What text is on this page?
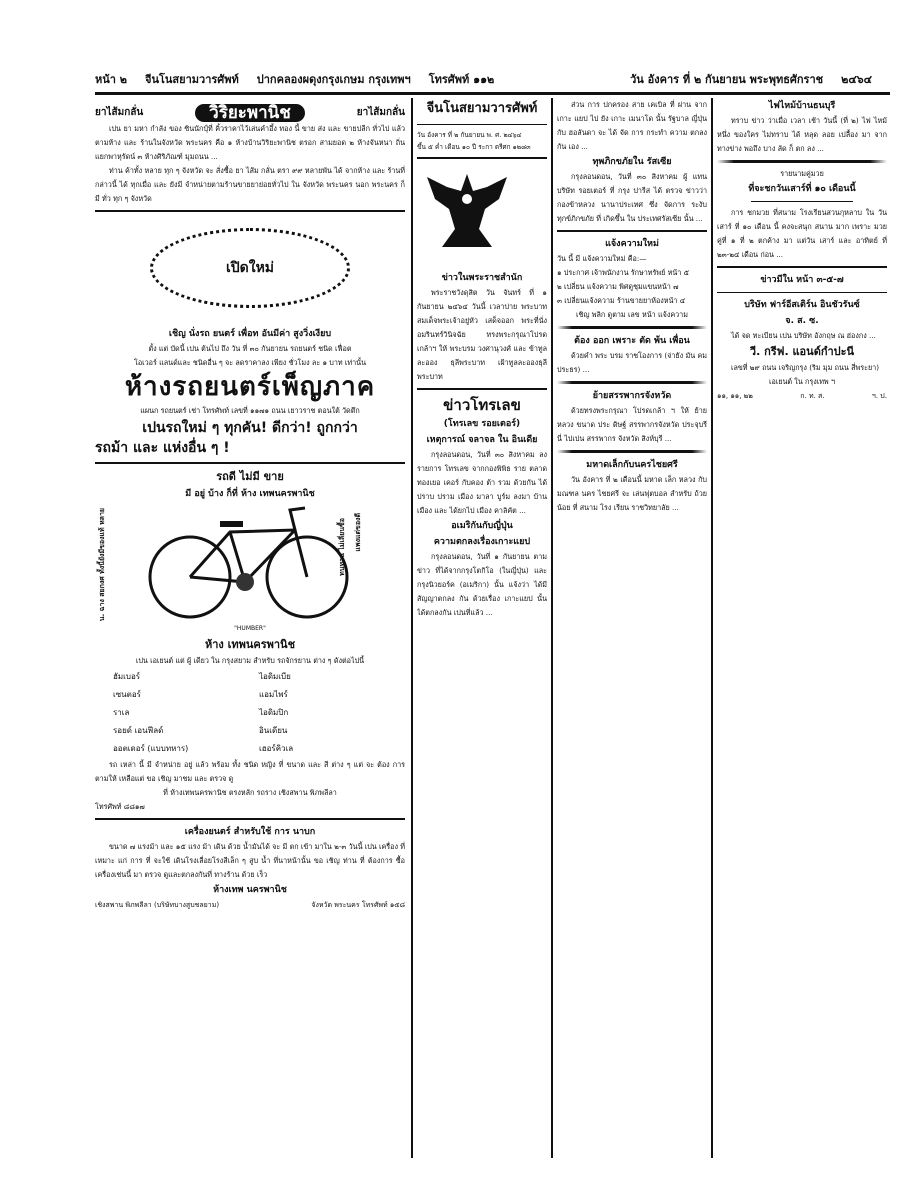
หน้า ๒ จีนโนสยามวารศัพท์ ปากคลองผดุงกรุงเกษม กรุงเทพฯ โทรศัพท์ ๑๑๒	วัน อังคาร ที่ ๒ กันยายน พระพุทธศักราช ๒๔๖๔
ยาไส้มกลั่น	วิริยะพานิช	ยาไส้มกลั่น

เปน ยา มหา กำลัง ของ ซินนักปุ์ที่ คิ้วราคาไว้เล่นคำอึ้ง ทอง นี้ ขาย ส่ง และ ขายปลีก ทั่วไป แล้ว ตามห้าง และ ร้านในจังหวัด พระนคร คือ ๑ ห้างบ้านวิริยะพานิช ตรอก สามยอด ๒ ห้างจันหนา ถิ่นแยกพาหุรัดน์ ๓ ห้างศิริภัณฑ์ มุมถนน ...

ท่าน ค้าทั้ง หลาย ทุก ๆ จังหวัด จะ สั่งซื้อ ยา ไส้ม กลั่น ตรา ๙๙ หลายพัน ได้ จากห้าง และ ร้านที่ กล่าวนี้ ได้ ทุกเมื่อ และ ยังมี จำหน่ายตามร้านขายยาย่อยทั่วไป ใน จังหวัด พระนคร นอก พระนคร ก็ มี ทั่ว ทุก ๆ จังหวัด

เปิดใหม่
เชิญ นั่งรถ ยนตร์ เพื่อท อันมีค่า สูงวิ่งเงียบ
ตั้ง แต่ บัดนี้ เปน ต้นไป ถึง วัน ที่ ๓๐ กันยายน รถยนตร์ ชนิด เฟื่อต
โอเวอร์ แลนด์และ ชนิดอื่น ๆ จะ ลดราคาลง เพียง ชั่วโมง ละ ๑ บาท เท่านั้น
ห้างรถยนตร์เพ็ญภาค
แผนก รถยนตร์ เช่า โทรศัพท์ เลขที่ ๑๑๗๑ ถนน เยาวราช ตอนใต้ วัดตึก
เปนรถใหม่ ๆ ทุกคัน! ดีกว่า! ถูกกว่า
รถม้า และ แห่งอื่น ๆ !
รถดี ไม่มี ขาย
มี อยู่ บ้าง ก็ที่ ห้าง เทพนครพานิช
น. ฉาง สยกงศ ทั้งนี้ยังมีของแท้ หลาย	ทนทาน ไม่เลี่ยนซื้อ	แพงแต่ของดี
"HUMBER"
ห้าง เทพนครพานิช
เปน เอเยนต์ แต่ ผู้ เดียว ใน กรุงสยาม สำหรับ รถจักรยาน ต่าง ๆ ดังต่อไปนี้
ฮัมเบอร์	ไอดิมเบีย
เซนตอร์	แอมไพร์
ราเล	ไอดิมปิก
รอยด์ เอนฟีลด์	อินเดียน
ออตเดอร์ (แบบทหาร)	เฮอร์คิวเล

รถ เหล่า นี้ มี จำหน่าย อยู่ แล้ว พร้อม ทั้ง ชนิด หญิง ที่ ขนาด และ สี ต่าง ๆ แต่ จะ ต้อง การ ตามให้ เหลือแต่ ขอ เชิญ มาชม และ ตรวจ ดู

ที่ ห้างเทพนครพานิช ตรงหลัก รถราง เชิงสพาน พิภพลีลา
โทรศัพท์ ๘๘๑๗
เครื่องยนตร์ สำหรับใช้ การ นาบก

ขนาด ๗ แรงม้า และ ๑๕ แรง ม้า เดิน ด้วย น้ำมันได้ จะ มี ตก เข้า มาใน ๒-๓ วันนี้ เปน เครื่อง ที่ เหมาะ แก่ การ ที่ จะใช้ เดินโรงเลื่อยโรงสีเล็ก ๆ สูบ น้ำ ที่นาหน้านั้น ขอ เชิญ ท่าน ที่ ต้องการ ซื้อเครื่องเช่นนี้ มา ตรวจ ดูและตกลงกันที่ ทางร้าน ด้วย เร็ว

ห้างเทพ นครพานิช
เชิงสพาน พิภพลีลา (บริษัทบางสูบชลยาม)	จังหวัด พระนคร โทรศัพท์ ๑๕๘
จีนโนสยามวารศัพท์
วัน อังคาร ที่ ๒ กันยายน พ. ศ. ๒๔๖๔
ขึ้น ๕ ค่ำ เดือน ๑๐ ปี ระกา ตรีศก ๑๒๘๓
ข่าวในพระราชสำนัก

พระราชวังดุสิต วัน จันทร์ ที่ ๑ กันยายน ๒๔๖๔ วันนี้ เวลาบ่าย พระบาทสมเด็จพระเจ้าอยู่หัว เสด็จออก พระที่นั่ง อมรินทร์วินิจฉัย ทรงพระกรุณาโปรดเกล้าฯ ให้ พระบรม วงศานุวงศ์ และ ข้าทูลละออง ธุลีพระบาท เฝ้าทูลละอองธุลีพระบาท

ข่าวโทรเลข
(โทรเลข รอยเตอร์)
เหตุการณ์ จลาจล ใน อินเดีย

กรุงลอนดอน, วันที่ ๓๐ สิงหาคม ลงรายการ โทรเลข จากกองพิพิธ ราย ตลาดทองเยอ เคอร์ กับคอง ต้า รวม ด้วยกัน ได้ ปราบ ปราม เมือง มาลา บูร์ม ลงมา บ้านเมือง และ ได้ยกไป เมือง คาลิคัต ...

อเมริกันกับญี่ปุ่น
ความตกลงเรื่องเกาะแยป

กรุงลอนดอน, วันที่ ๑ กันยายน ตามข่าว ที่ได้จากกรุงโตกิโอ (ในญี่ปุ่น) และกรุงนิวยอร์ค (อเมริกา) นั้น แจ้งว่า ได้มีสัญญาตกลง กัน ด้วยเรื่อง เกาะแยป นั้น ได้ตกลงกัน เปนที่แล้ว ...

ส่วน การ ปกครอง สาย เคเบิล ที่ ผ่าน จาก เกาะ แยป ไป ยัง เกาะ เมนาโด นั้น รัฐบาล ญี่ปุ่น กับ ฮอลันดา จะ ได้ จัด การ กระทำ ความ ตกลง กัน เอง ...

ทุพภิกขภัยใน รัสเซีย

กรุงลอนดอน, วันที่ ๓๐ สิงหาคม ผู้ แทน บริษัท รอยเตอร์ ที่ กรุง ปารีส ได้ ตรวจ ข่าวว่า กองข้าหลวง นานาประเทศ ซึ่ง จัดการ ระงับ ทุกข์ภิกขภัย ที่ เกิดขึ้น ใน ประเทศรัสเซีย นั้น ...

แจ้งความใหม่
วัน นี้ มี แจ้งความใหม่ คือ:—
๑ ประกาศ เจ้าพนักงาน รักษาทรัพย์ หน้า ๕
๒ เปลี่ยน แจ้งความ พิศดูชุมแขนหน้า ๗
๓ เปลี่ยนแจ้งความ ร้านขายยาห้องหน้า ๔
เชิญ พลิก ดูตาม เลข หน้า แจ้งความ
ต้อง ออก เพราะ ตัด พ้น เพื่อน

ด้วยคำ พระ บรม ราชโองการ (จ่ายัง มัน คมประธร) ...

ย้ายสรรพากรจังหวัด

ด้วยทรงพระกรุณา โปรดเกล้า ฯ ให้ ย้าย หลวง ขนาด ประ ดิษฐ์ สรรพากรจังหวัด ประจุบรีนี่ ไปเปน สรรพากร จังหวัด สิงห์บุรี ...

มหาดเล็กกับนครไชยศรี

วัน อังคาร ที่ ๒ เดือนนี้ มหาด เล็ก หลวง กับ มณฑล นคร ไชยศรี จะ เล่นฟุตบอล สำหรับ ถ้วย น้อย ที่ สนาม โรง เรียน ราชวิทยาลัย ...

ไฟไหม้บ้านธนบุรี

ทราบ ข่าว ว่าเมื่อ เวลา เช้า วันนี้ (ที่ ๒) ไฟ ไหม้ หนึ่ง ของใคร ไม่ทราบ ได้ หลุด ลอย เปลื้อง มา จาก ทางข่าง พอถึง บาง ลัด ก็ ตก ลง ...

รายนามคู่มวย
ที่จะชกวันเสาร์ที่ ๑๐ เดือนนี้

การ ชกมวย ที่สนาม โรงเรียนสวนกุหลาบ ใน วัน เสาร์ ที่ ๑๐ เดือน นี้ คงจะสนุก สนาน มาก เพราะ มวย คู่ที่ ๑ ที่ ๒ ตกค้าง มา แต่วัน เสาร์ และ อาทิตย์ ที่ ๒๓-๒๔ เดือน ก่อน ...

ข่าวมีใน หน้า ๓-๕-๗
บริษัท ฟาร์อีสเติร์น อินชัวรันซ์
จ. ส. ซ.

ได้ จด ทะเบียน เปน บริษัท อังกฤษ ณ ฮ่องกง ...

วี. กรีฟ. แอนด์กำปะนี

เลขที่ ๒๙ ถนน เจริญกรุง (ริม มุม ถนน สี่พระยา)

เอเยนต์ ใน กรุงเทพ ฯ
๑๑, ๑๑, ๒๒	ก. ท. ส.	ฯ. ป.
